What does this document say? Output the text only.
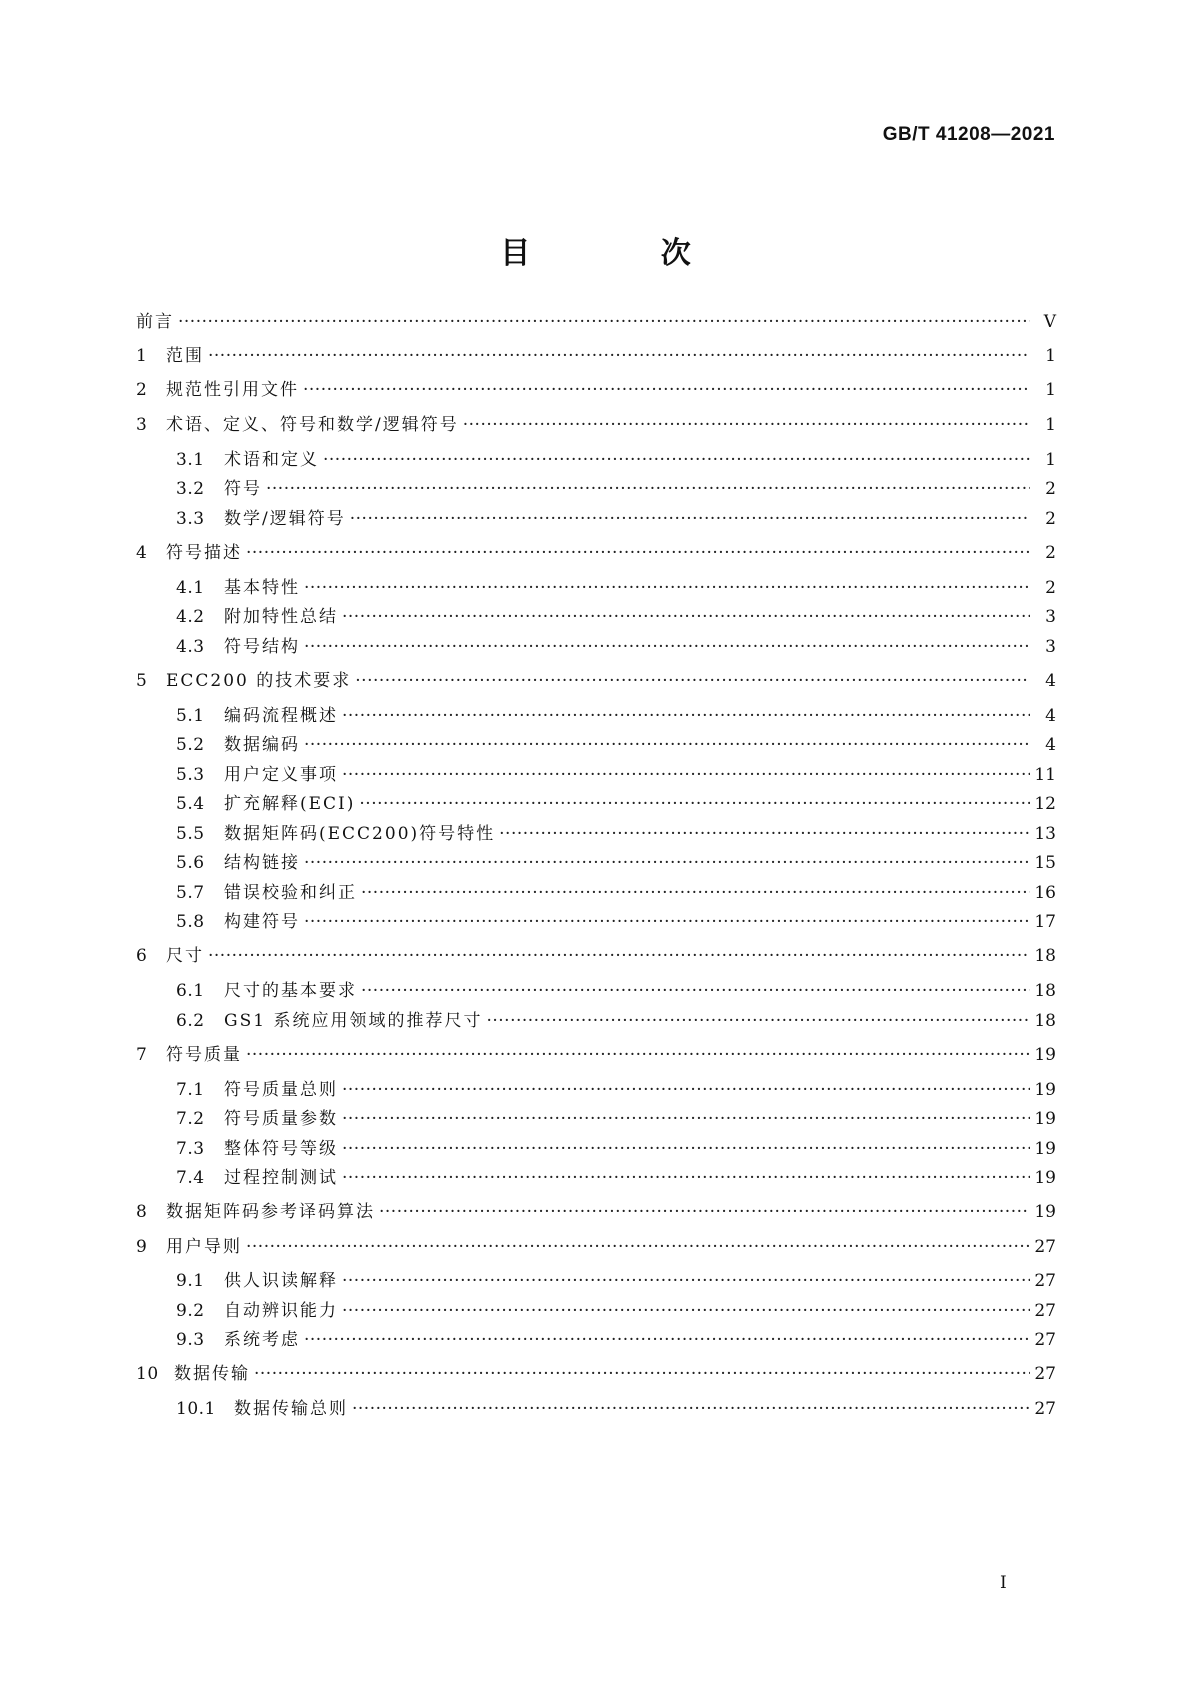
GB/T 41208—2021
目 次
前言 ·····	V
1	范围 ·····	1
2	规范性引用文件 ·····	1
3	术语、定义、符号和数学/逻辑符号 ·····	1
3.1	术语和定义 ·····	1
3.2	符号 ·····	2
3.3	数学/逻辑符号 ·····	2
4	符号描述 ·····	2
4.1	基本特性 ·····	2
4.2	附加特性总结 ·····	3
4.3	符号结构 ·····	3
5	ECC200 的技术要求 ·····	4
5.1	编码流程概述 ·····	4
5.2	数据编码 ·····	4
5.3	用户定义事项 ·····	11
5.4	扩充解释(ECI) ·····	12
5.5	数据矩阵码(ECC200)符号特性 ·····	13
5.6	结构链接 ·····	15
5.7	错误校验和纠正 ·····	16
5.8	构建符号 ·····	17
6	尺寸 ·····	18
6.1	尺寸的基本要求 ·····	18
6.2	GS1 系统应用领域的推荐尺寸 ·····	18
7	符号质量 ·····	19
7.1	符号质量总则 ·····	19
7.2	符号质量参数 ·····	19
7.3	整体符号等级 ·····	19
7.4	过程控制测试 ·····	19
8	数据矩阵码参考译码算法 ·····	19
9	用户导则 ·····	27
9.1	供人识读解释 ·····	27
9.2	自动辨识能力 ·····	27
9.3	系统考虑 ·····	27
10 数据传输 ·····	27
10.1	数据传输总则 ·····	27
I
